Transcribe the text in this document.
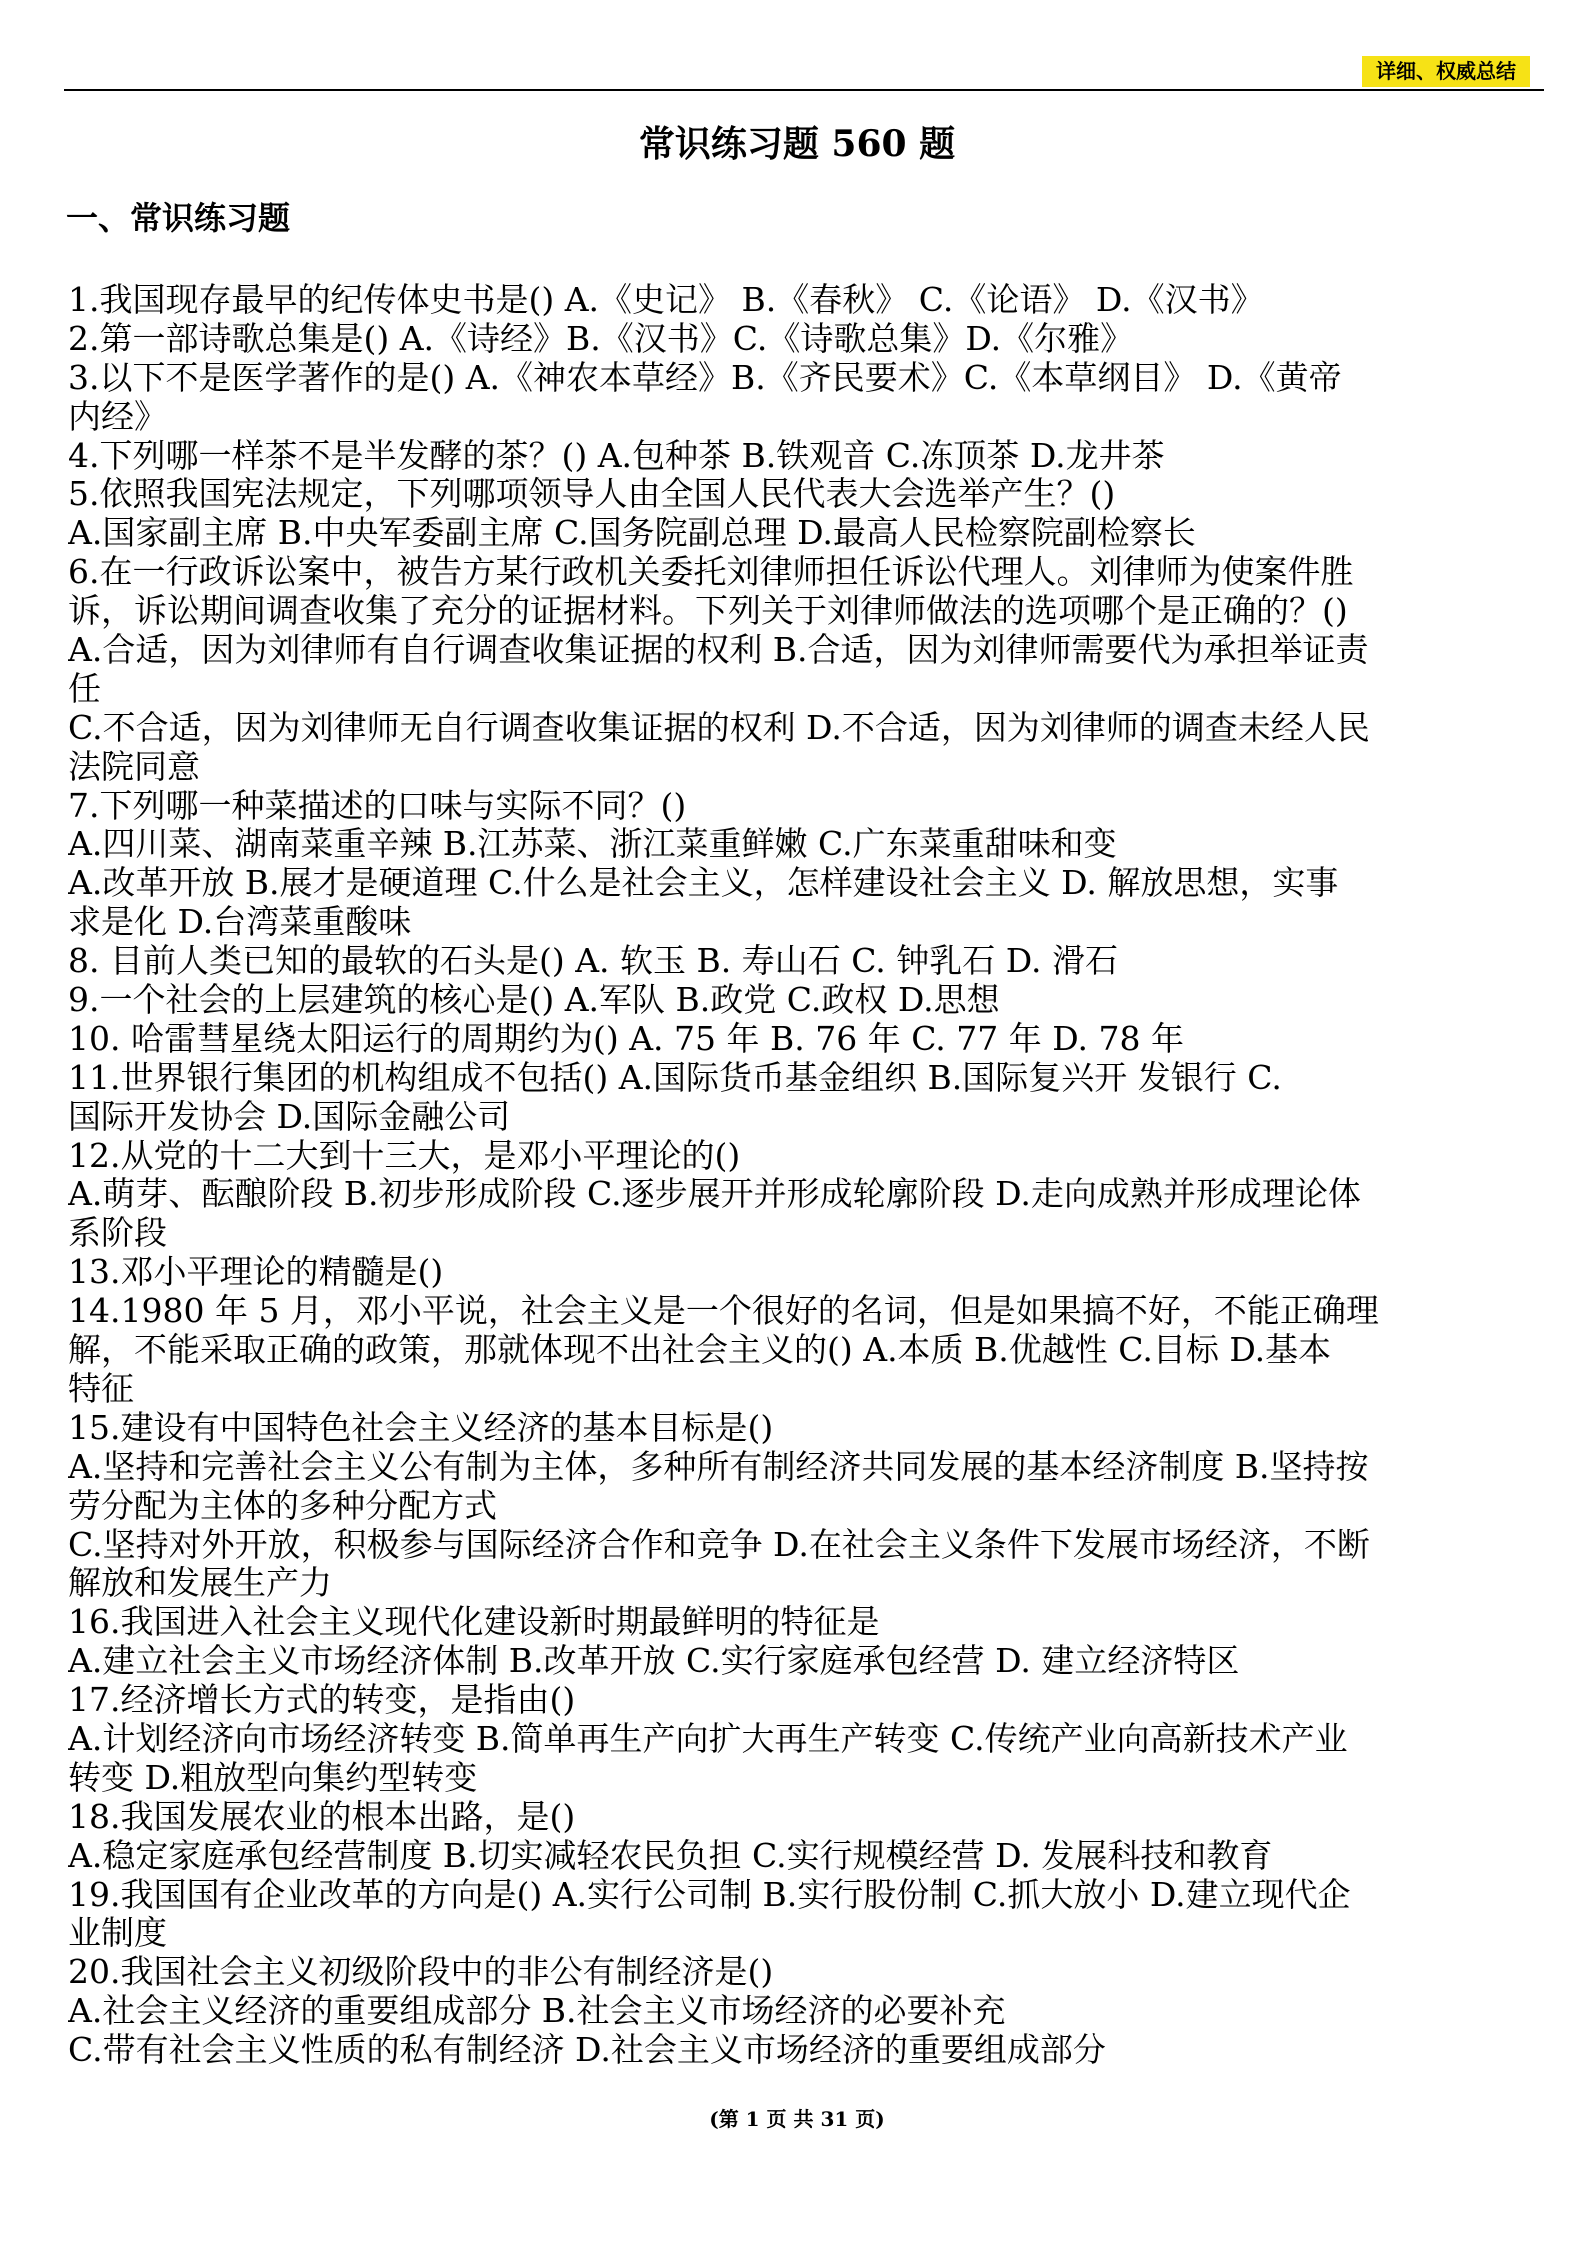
详细、权威总结
常识练习题 560 题
一、常识练习题
1.我国现存最早的纪传体史书是() A.《史记》 B.《春秋》 C.《论语》 D.《汉书》
2.第一部诗歌总集是() A.《诗经》B.《汉书》C.《诗歌总集》D.《尔雅》
3.以下不是医学著作的是() A.《神农本草经》B.《齐民要术》C.《本草纲目》 D.《黄帝
内经》
4.下列哪一样茶不是半发酵的茶？() A.包种茶 B.铁观音 C.冻顶茶 D.龙井茶
5.依照我国宪法规定，下列哪项领导人由全国人民代表大会选举产生？()
A.国家副主席 B.中央军委副主席 C.国务院副总理 D.最高人民检察院副检察长
6.在一行政诉讼案中，被告方某行政机关委托刘律师担任诉讼代理人。刘律师为使案件胜
诉，诉讼期间调查收集了充分的证据材料。下列关于刘律师做法的选项哪个是正确的？()
A.合适，因为刘律师有自行调查收集证据的权利 B.合适，因为刘律师需要代为承担举证责
任
C.不合适，因为刘律师无自行调查收集证据的权利 D.不合适，因为刘律师的调查未经人民
法院同意
7.下列哪一种菜描述的口味与实际不同？()
A.四川菜、湖南菜重辛辣 B.江苏菜、浙江菜重鲜嫩 C.广东菜重甜味和变
A.改革开放 B.展才是硬道理 C.什么是社会主义，怎样建设社会主义 D. 解放思想，实事
求是化 D.台湾菜重酸味
8. 目前人类已知的最软的石头是() A. 软玉 B. 寿山石 C. 钟乳石 D. 滑石
9.一个社会的上层建筑的核心是() A.军队 B.政党 C.政权 D.思想
10. 哈雷彗星绕太阳运行的周期约为() A. 75 年 B. 76 年 C. 77 年 D. 78 年
11.世界银行集团的机构组成不包括() A.国际货币基金组织 B.国际复兴开 发银行 C.
国际开发协会 D.国际金融公司
12.从党的十二大到十三大，是邓小平理论的()
A.萌芽、酝酿阶段 B.初步形成阶段 C.逐步展开并形成轮廓阶段 D.走向成熟并形成理论体
系阶段
13.邓小平理论的精髓是()
14.1980 年 5 月，邓小平说，社会主义是一个很好的名词，但是如果搞不好，不能正确理
解，不能采取正确的政策，那就体现不出社会主义的() A.本质 B.优越性 C.目标 D.基本
特征
15.建设有中国特色社会主义经济的基本目标是()
A.坚持和完善社会主义公有制为主体，多种所有制经济共同发展的基本经济制度 B.坚持按
劳分配为主体的多种分配方式
C.坚持对外开放，积极参与国际经济合作和竞争 D.在社会主义条件下发展市场经济，不断
解放和发展生产力
16.我国进入社会主义现代化建设新时期最鲜明的特征是
A.建立社会主义市场经济体制 B.改革开放 C.实行家庭承包经营 D. 建立经济特区
17.经济增长方式的转变，是指由()
A.计划经济向市场经济转变 B.简单再生产向扩大再生产转变 C.传统产业向高新技术产业
转变 D.粗放型向集约型转变
18.我国发展农业的根本出路，是()
A.稳定家庭承包经营制度 B.切实减轻农民负担 C.实行规模经营 D. 发展科技和教育
19.我国国有企业改革的方向是() A.实行公司制 B.实行股份制 C.抓大放小 D.建立现代企
业制度
20.我国社会主义初级阶段中的非公有制经济是()
A.社会主义经济的重要组成部分 B.社会主义市场经济的必要补充
C.带有社会主义性质的私有制经济 D.社会主义市场经济的重要组成部分
(第 1 页 共 31 页)
